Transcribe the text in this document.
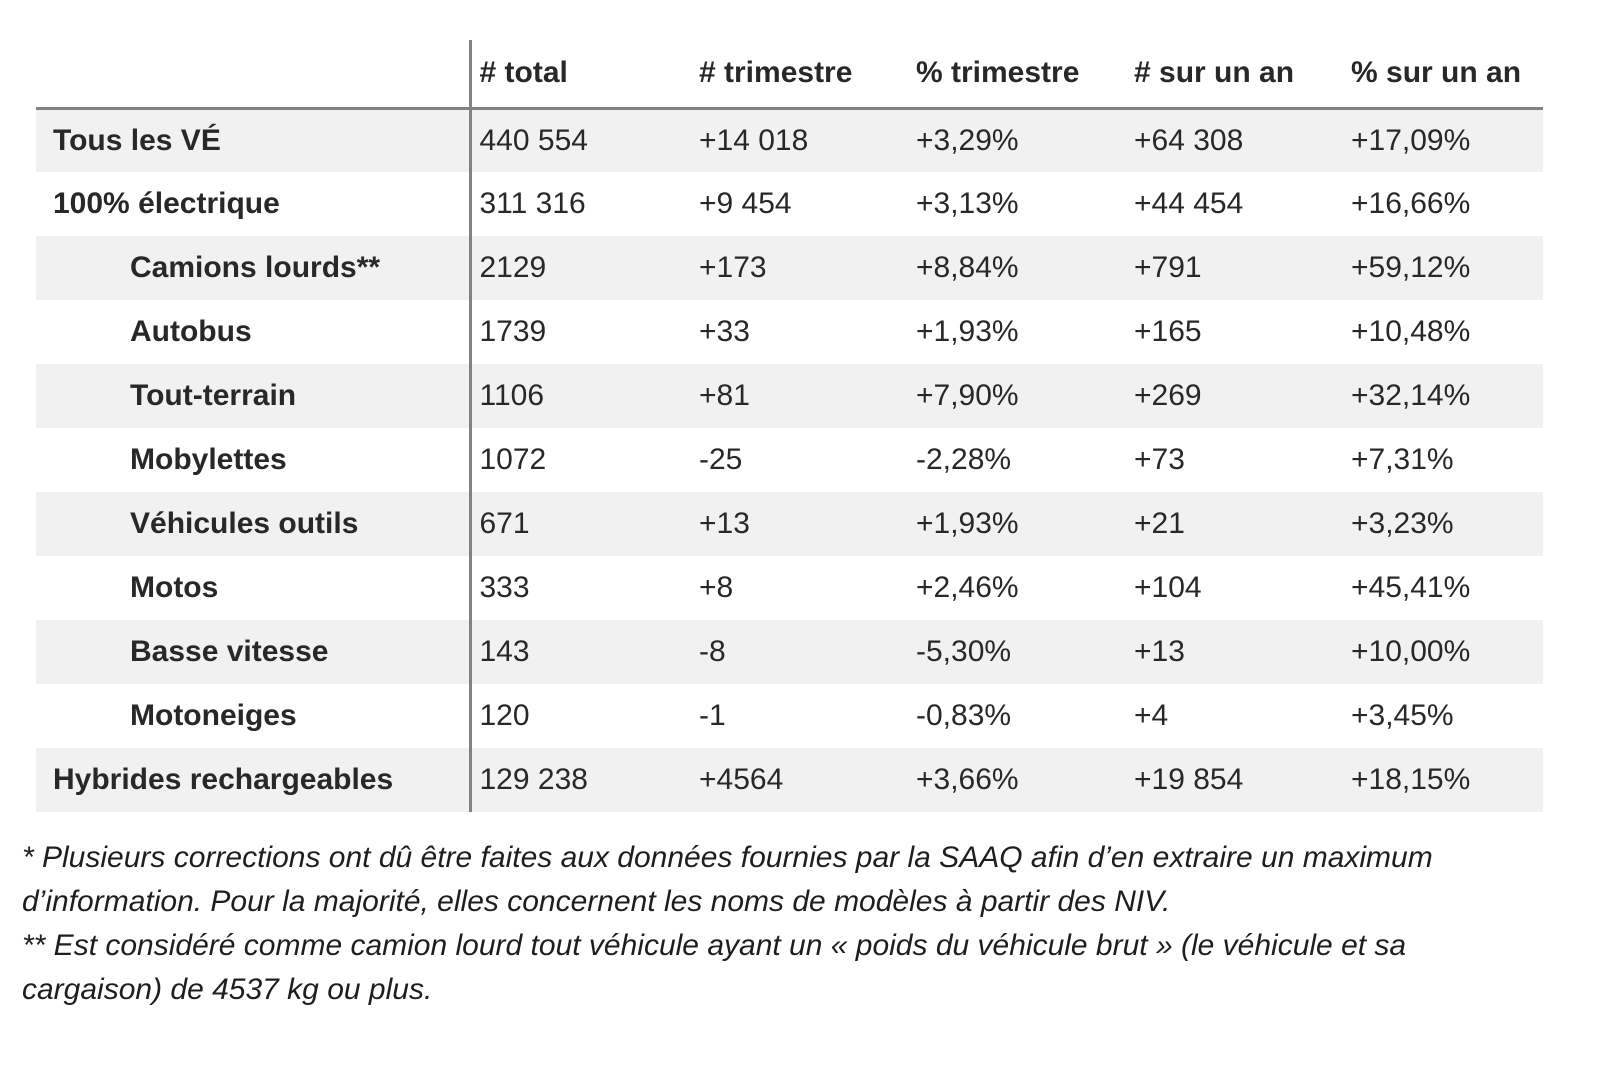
	# total	# trimestre	% trimestre	# sur un an	% sur un an
Tous les VÉ	440 554	+14 018	+3,29%	+64 308	+17,09%
100% électrique	311 316	+9 454	+3,13%	+44 454	+16,66%
Camions lourds**	2129	+173	+8,84%	+791	+59,12%
Autobus	1739	+33	+1,93%	+165	+10,48%
Tout-terrain	1106	+81	+7,90%	+269	+32,14%
Mobylettes	1072	-25	-2,28%	+73	+7,31%
Véhicules outils	671	+13	+1,93%	+21	+3,23%
Motos	333	+8	+2,46%	+104	+45,41%
Basse vitesse	143	-8	-5,30%	+13	+10,00%
Motoneiges	120	-1	-0,83%	+4	+3,45%
Hybrides rechargeables	129 238	+4564	+3,66%	+19 854	+18,15%

* Plusieurs corrections ont dû être faites aux données fournies par la SAAQ afin d’en extraire un maximum d’information. Pour la majorité, elles concernent les noms de modèles à partir des NIV.

** Est considéré comme camion lourd tout véhicule ayant un « poids du véhicule brut » (le véhicule et sa cargaison) de 4537 kg ou plus.
